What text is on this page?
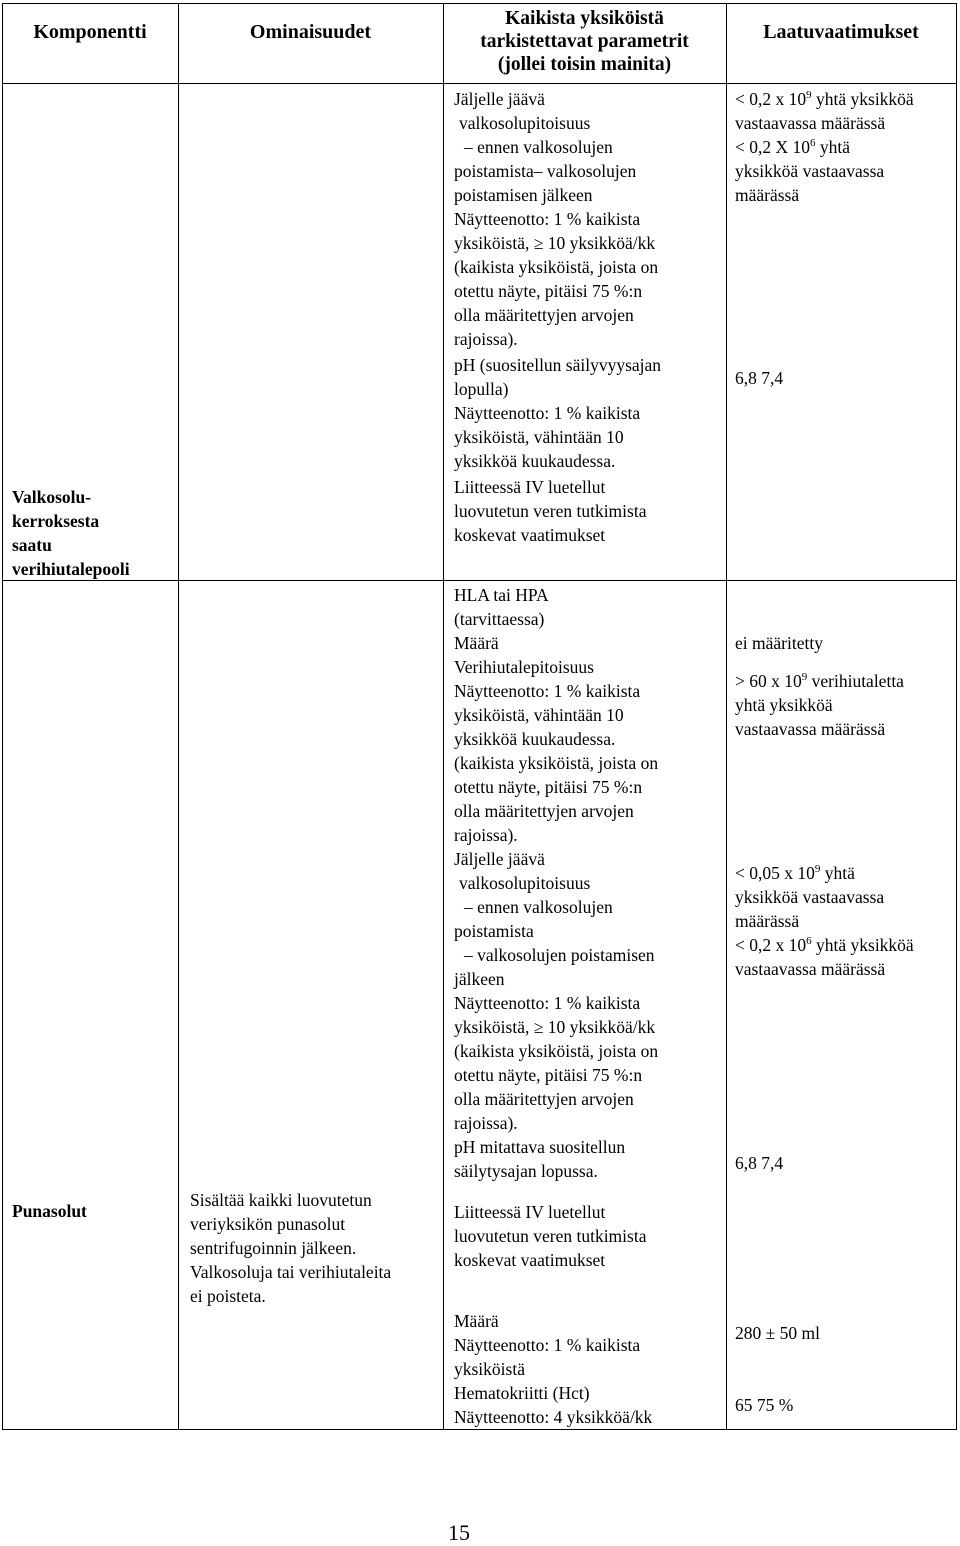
Komponentti	Ominaisuudet
Kaikista yksiköistä
tarkistettavat parametrit
(jollei toisin mainita)
Laatuvaatimukset
Valkosolu-
kerroksesta
saatu
verihiutalepooli
Jäljelle jäävä
valkosolupitoisuus
– ennen valkosolujen
poistamista– valkosolujen
poistamisen jälkeen
Näytteenotto: 1 % kaikista
yksiköistä, ≥ 10 yksikköä/kk
(kaikista yksiköistä, joista on
otettu näyte, pitäisi 75 %:n
olla määritettyjen arvojen
rajoissa).
pH (suositellun säilyvyysajan
lopulla)
Näytteenotto: 1 % kaikista
yksiköistä, vähintään 10
yksikköä kuukaudessa.
Liitteessä IV luetellut
luovutetun veren tutkimista
koskevat vaatimukset
< 0,2 x $10^9$ yhtä yksikköä
vastaavassa määrässä
< 0,2 X $10^6$ yhtä
yksikköä vastaavassa
määrässä
6,8 7,4
Punasolut
Sisältää kaikki luovutetun
veriyksikön punasolut
sentrifugoinnin jälkeen.
Valkosoluja tai verihiutaleita
ei poisteta.
HLA tai HPA
(tarvittaessa)
Määrä
Verihiutalepitoisuus
Näytteenotto: 1 % kaikista
yksiköistä, vähintään 10
yksikköä kuukaudessa.
(kaikista yksiköistä, joista on
otettu näyte, pitäisi 75 %:n
olla määritettyjen arvojen
rajoissa).
Jäljelle jäävä
valkosolupitoisuus
– ennen valkosolujen
poistamista
– valkosolujen poistamisen
jälkeen
Näytteenotto: 1 % kaikista
yksiköistä, ≥ 10 yksikköä/kk
(kaikista yksiköistä, joista on
otettu näyte, pitäisi 75 %:n
olla määritettyjen arvojen
rajoissa).
pH mitattava suositellun
säilytysajan lopussa.
Liitteessä IV luetellut
luovutetun veren tutkimista
koskevat vaatimukset
Määrä
Näytteenotto: 1 % kaikista
yksiköistä
Hematokriitti (Hct)
Näytteenotto: 4 yksikköä/kk
ei määritetty
> 60 x $10^9$ verihiutaletta
yhtä yksikköä
vastaavassa määrässä
< 0,05 x $10^9$ yhtä
yksikköä vastaavassa
määrässä
< 0,2 x $10^6$ yhtä yksikköä
vastaavassa määrässä
6,8 7,4
280 ± 50 ml
65 75 %
15
